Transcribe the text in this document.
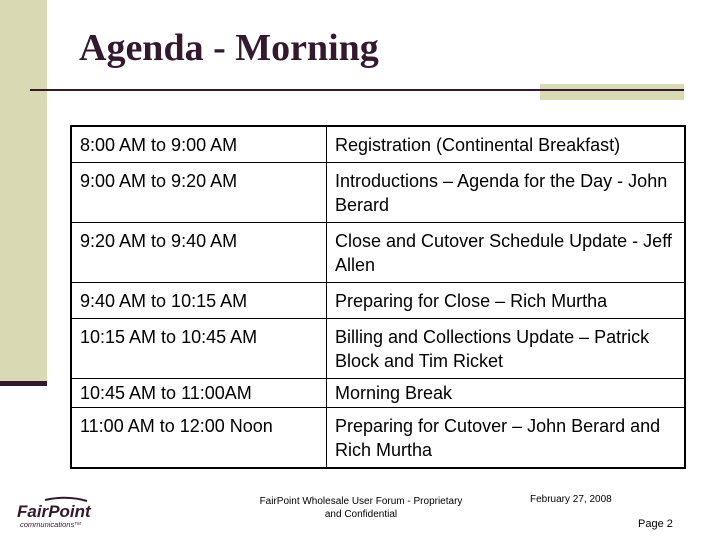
Agenda - Morning
8:00 AM to 9:00 AM	Registration (Continental Breakfast)
9:00 AM to 9:20 AM	Introductions – Agenda for the Day - John Berard
9:20 AM to 9:40 AM	Close and Cutover Schedule Update - Jeff Allen
9:40 AM to 10:15 AM	Preparing for Close – Rich Murtha
10:15 AM to 10:45 AM	Billing and Collections Update – Patrick Block and Tim Ricket
10:45 AM to 11:00AM	Morning Break
11:00 AM to 12:00 Noon	Preparing for Cutover – John Berard and Rich Murtha
FairPoint
communications™
FairPoint Wholesale User Forum - Proprietary
and Confidential
February 27, 2008
Page 2
